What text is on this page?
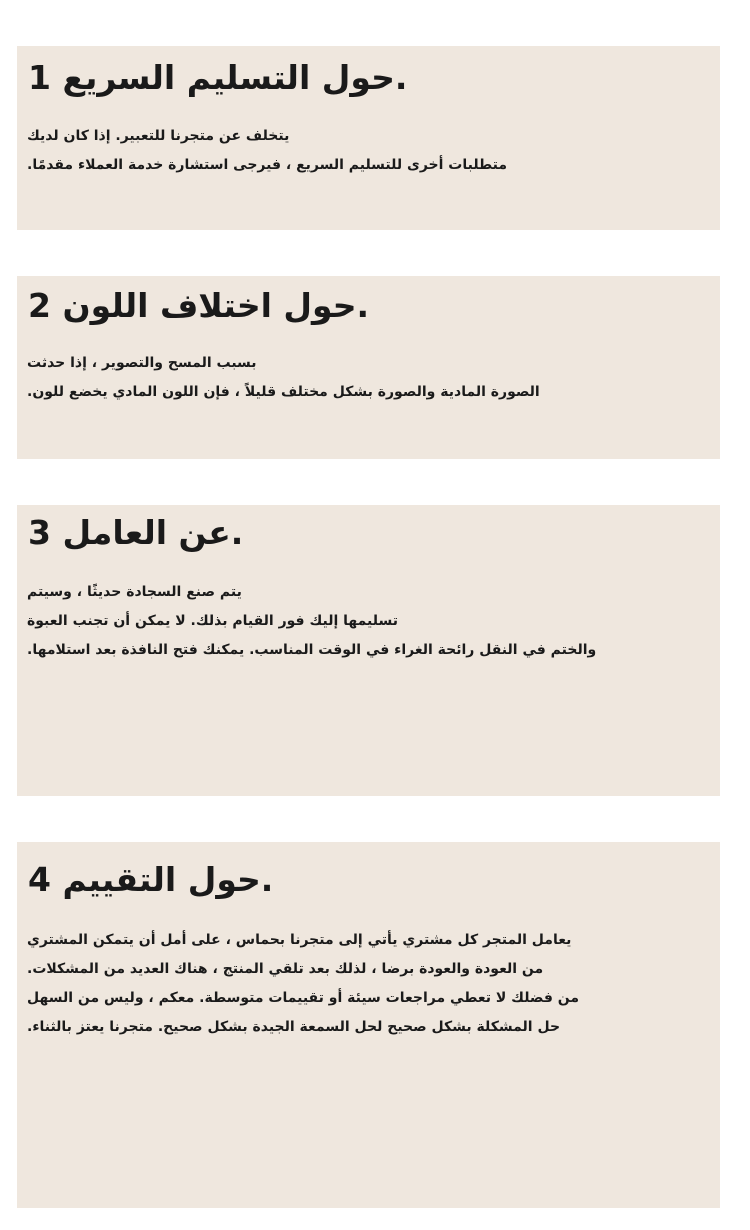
حول التسليم السريع 1.
يتخلف عن متجرنا للتعبير. إذا كان لديك
.متطلبات أخرى للتسليم السريع ، فيرجى استشارة خدمة العملاء مقدمًا
حول اختلاف اللون 2.
بسبب المسح والتصوير ، إذا حدثت
.الصورة المادية والصورة بشكل مختلف قليلاً ، فإن اللون المادي يخضع للون
عن العامل 3.
يتم صنع السجادة حديثًا ، وسيتم
تسليمها إليك فور القيام بذلك. لا يمكن أن تجنب العبوة
.والختم في النقل رائحة الغراء في الوقت المناسب. يمكنك فتح النافذة بعد استلامها
حول التقييم 4.
يعامل المتجر كل مشتري يأتي إلى متجرنا بحماس ، على أمل أن يتمكن المشتري
.من العودة والعودة برضا ، لذلك بعد تلقي المنتج ، هناك العديد من المشكلات
من فضلك لا تعطي مراجعات سيئة أو تقييمات متوسطة. معكم ، وليس من السهل
.حل المشكلة بشكل صحيح لحل السمعة الجيدة بشكل صحيح. متجرنا يعتز بالثناء
